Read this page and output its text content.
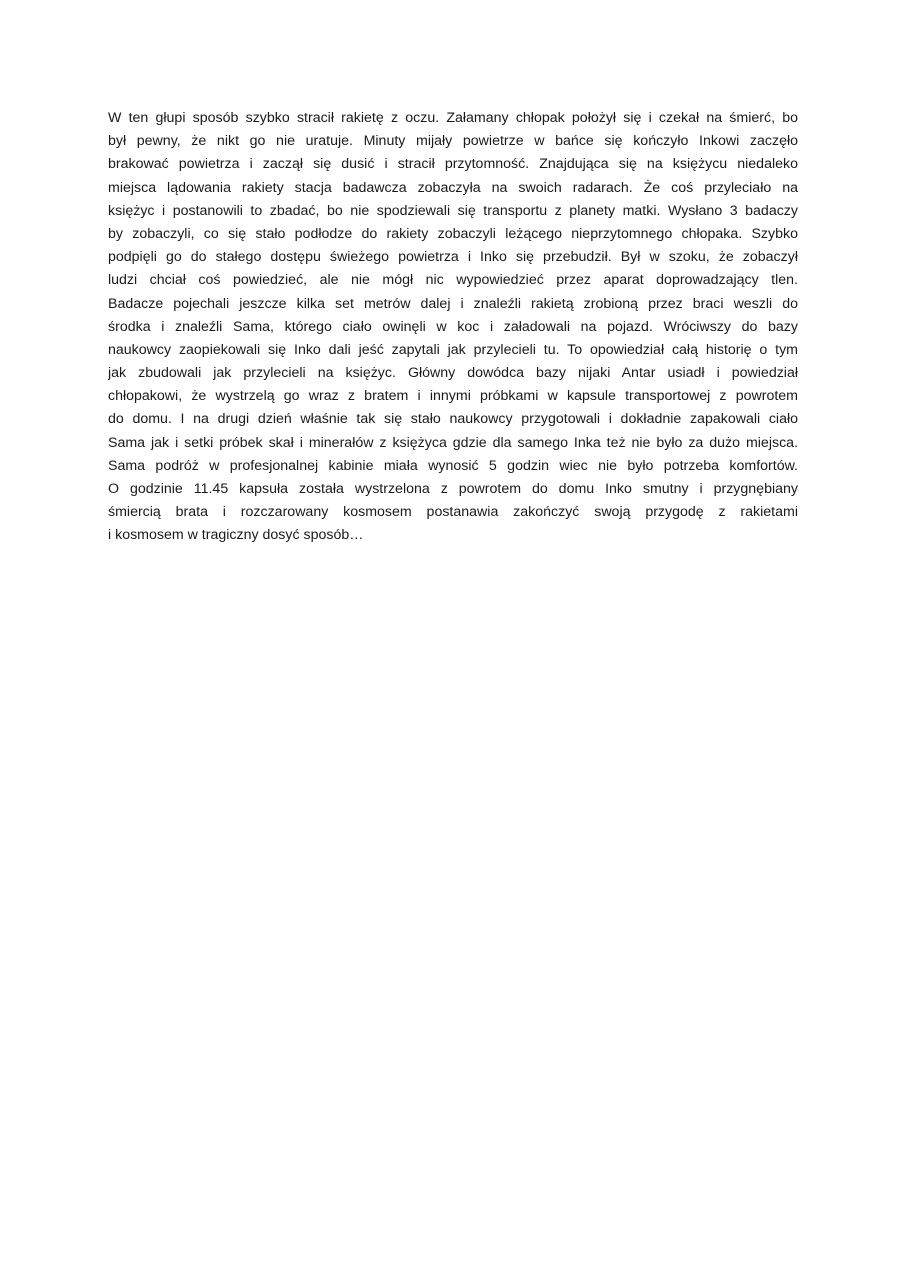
W ten głupi sposób szybko stracił rakietę z oczu. Załamany chłopak położył się i czekał na śmierć, bo
był pewny, że nikt go nie uratuje. Minuty mijały powietrze w bańce się kończyło Inkowi zaczęło
brakować powietrza i zaczął się dusić i stracił przytomność. Znajdująca się na księżycu niedaleko
miejsca lądowania rakiety stacja badawcza zobaczyła na swoich radarach. Że coś przyleciało na
księżyc i postanowili to zbadać, bo nie spodziewali się transportu z planety matki. Wysłano 3 badaczy
by zobaczyli, co się stało podłodze do rakiety zobaczyli leżącego nieprzytomnego chłopaka. Szybko
podpięli go do stałego dostępu świeżego powietrza i Inko się przebudził. Był w szoku, że zobaczył
ludzi chciał coś powiedzieć, ale nie mógł nic wypowiedzieć przez aparat doprowadzający tlen.
Badacze pojechali jeszcze kilka set metrów dalej i znaleźli rakietą zrobioną przez braci weszli do
środka i znaleźli Sama, którego ciało owinęli w koc i załadowali na pojazd. Wróciwszy do bazy
naukowcy zaopiekowali się Inko dali jeść zapytali jak przylecieli tu. To opowiedział całą historię o tym
jak zbudowali jak przylecieli na księżyc. Główny dowódca bazy nijaki Antar usiadł i powiedział
chłopakowi, że wystrzelą go wraz z bratem i innymi próbkami w kapsule transportowej z powrotem
do domu. I na drugi dzień właśnie tak się stało naukowcy przygotowali i dokładnie zapakowali ciało
Sama jak i setki próbek skał i minerałów z księżyca gdzie dla samego Inka też nie było za dużo miejsca.
Sama podróż w profesjonalnej kabinie miała wynosić 5 godzin wiec nie było potrzeba komfortów.
O godzinie 11.45 kapsuła została wystrzelona z powrotem do domu Inko smutny i przygnębiany
śmiercią brata i rozczarowany kosmosem postanawia zakończyć swoją przygodę z rakietami
i kosmosem w tragiczny dosyć sposób…
